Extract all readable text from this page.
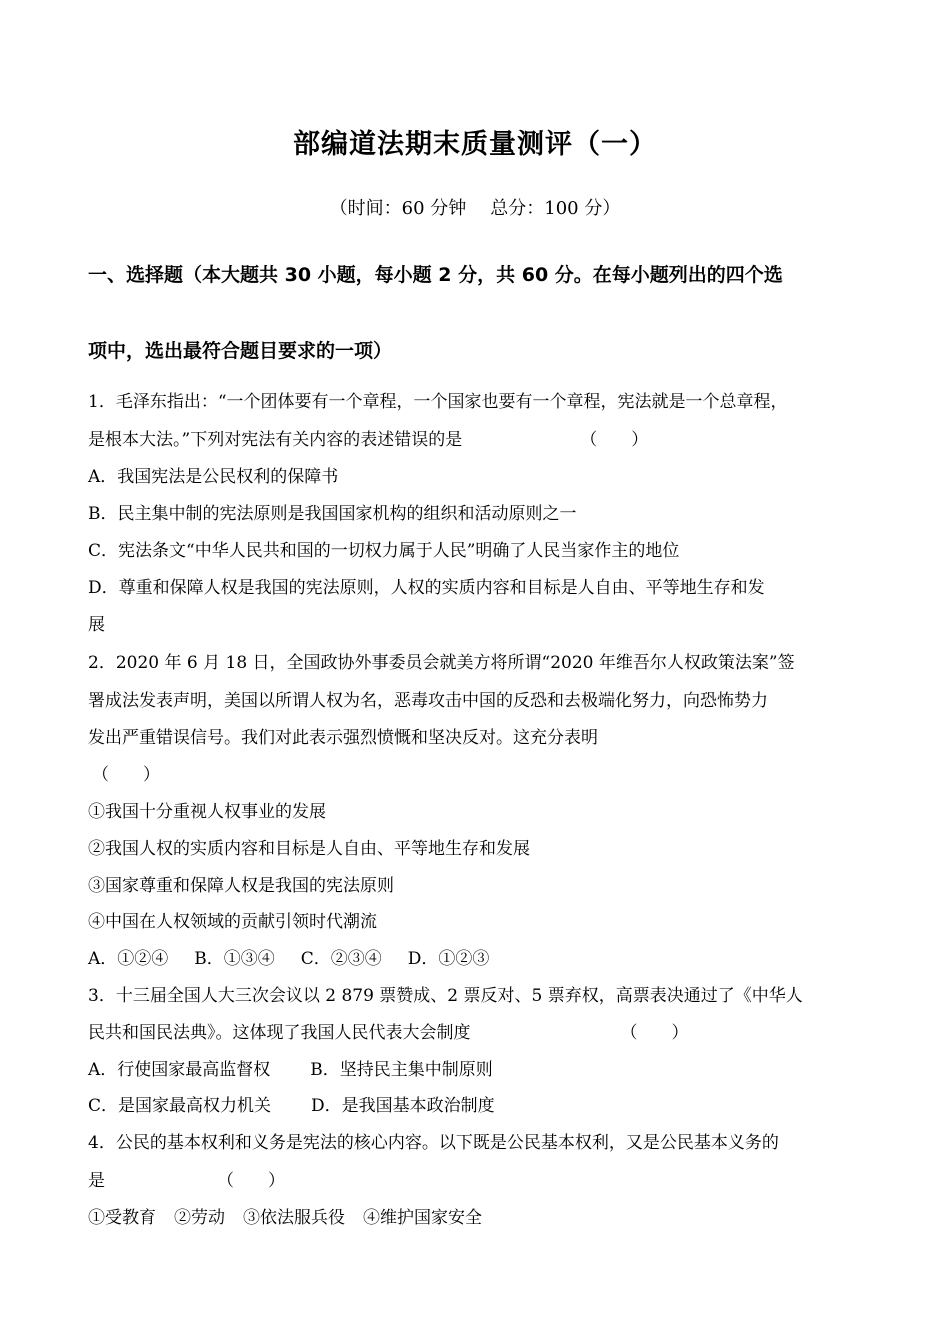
部编道法期末质量测评（一）
（时间：60 分钟 总分：100 分）
一、选择题（本大题共 30 小题，每小题 2 分，共 60 分。在每小题列出的四个选
项中，选出最符合题目要求的一项）
1．毛泽东指出：“一个团体要有一个章程，一个国家也要有一个章程，宪法就是一个总章程，
是根本大法。”下列对宪法有关内容的表述错误的是	（　　）
A．我国宪法是公民权利的保障书
B．民主集中制的宪法原则是我国国家机构的组织和活动原则之一
C．宪法条文“中华人民共和国的一切权力属于人民”明确了人民当家作主的地位
D．尊重和保障人权是我国的宪法原则，人权的实质内容和目标是人自由、平等地生存和发
展
2．2020 年 6 月 18 日，全国政协外事委员会就美方将所谓“2020 年维吾尔人权政策法案”签
署成法发表声明，美国以所谓人权为名，恶毒攻击中国的反恐和去极端化努力，向恐怖势力
发出严重错误信号。我们对此表示强烈愤慨和坚决反对。这充分表明
（　　）
①我国十分重视人权事业的发展
②我国人权的实质内容和目标是人自由、平等地生存和发展
③国家尊重和保障人权是我国的宪法原则
④中国在人权领域的贡献引领时代潮流
A．①②④ B．①③④ C．②③④ D．①②③
3．十三届全国人大三次会议以 2 879 票赞成、2 票反对、5 票弃权，高票表决通过了《中华人
民共和国民法典》。这体现了我国人民代表大会制度	（　　）
A．行使国家最高监督权 B．坚持民主集中制原则
C．是国家最高权力机关 D．是我国基本政治制度
4．公民的基本权利和义务是宪法的核心内容。以下既是公民基本权利，又是公民基本义务的
是	（　　）
①受教育 ②劳动 ③依法服兵役 ④维护国家安全
